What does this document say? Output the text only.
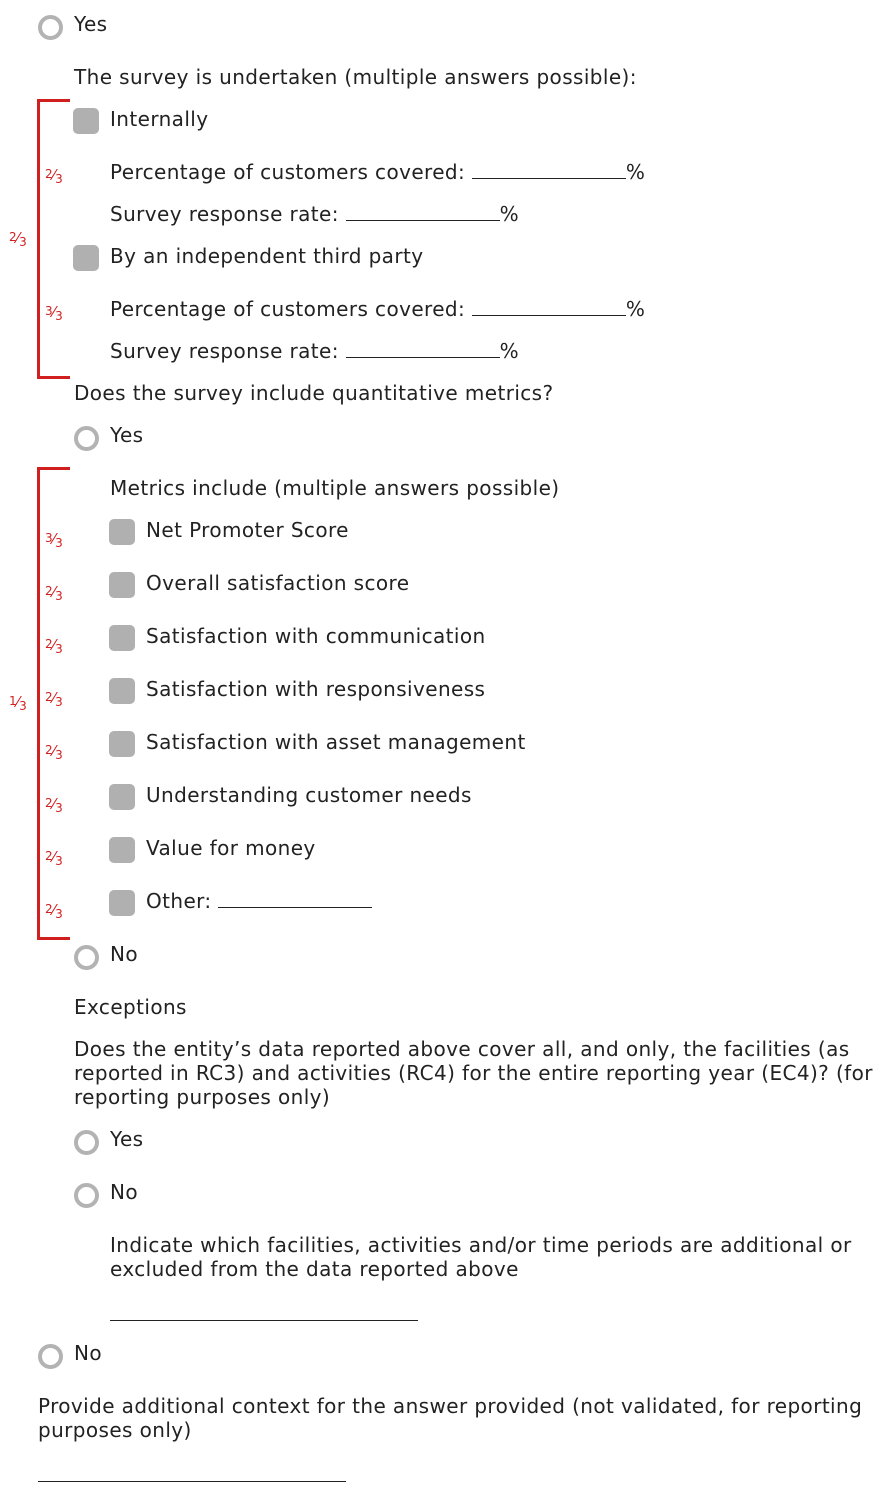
Yes
The survey is undertaken (multiple answers possible):
$^2⁄_3$
Internally
$^2⁄_3$ Percentage of customers covered:	%
Survey response rate:	%
By an independent third party
$^3⁄_3$ Percentage of customers covered:	%
Survey response rate:	%
Does the survey include quantitative metrics?
Yes
$^1⁄_3$
Metrics include (multiple answers possible)
Net Promoter Score
$^3⁄_3$
Overall satisfaction score
$^2⁄_3$
Satisfaction with communication
$^2⁄_3$
Satisfaction with responsiveness
$^2⁄_3$
Satisfaction with asset management
$^2⁄_3$
Understanding customer needs
$^2⁄_3$
Value for money
$^2⁄_3$
Other:
$^2⁄_3$
No
Exceptions
Does the entity’s data reported above cover all, and only, the facilities (as reported in RC3) and activities (RC4) for the entire reporting year (EC4)? (for reporting purposes only)
Yes
No
Indicate which facilities, activities and/or time periods are additional or excluded from the data reported above
No
Provide additional context for the answer provided (not validated, for reporting purposes only)
